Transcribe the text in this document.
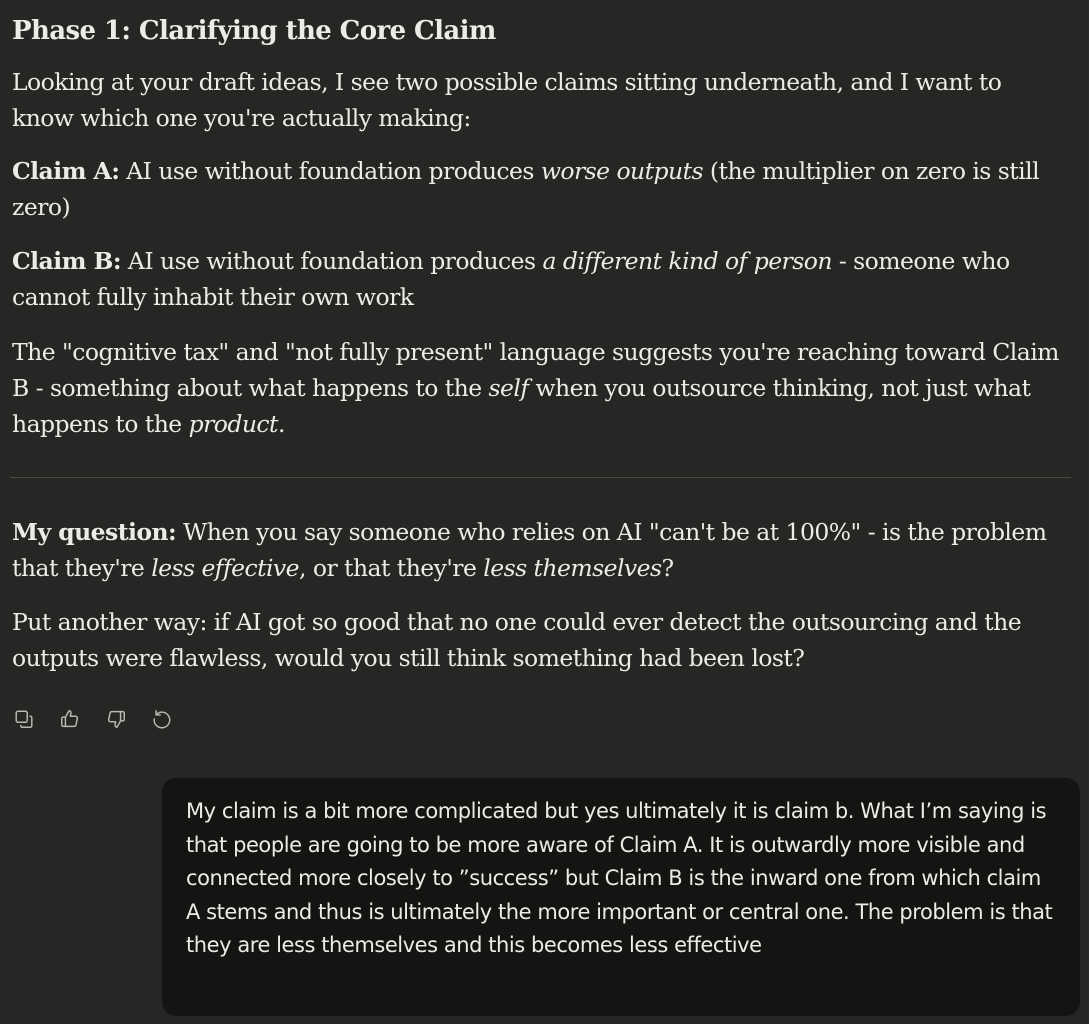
Phase 1: Clarifying the Core Claim

Looking at your draft ideas, I see two possible claims sitting underneath, and I want to know which one you're actually making:

Claim A: AI use without foundation produces worse outputs (the multiplier on zero is still zero)

Claim B: AI use without foundation produces a different kind of person - someone who cannot fully inhabit their own work

The "cognitive tax" and "not fully present" language suggests you're reaching toward Claim B - something about what happens to the self when you outsource thinking, not just what happens to the product.

My question: When you say someone who relies on AI "can't be at 100%" - is the problem that they're less effective, or that they're less themselves?

Put another way: if AI got so good that no one could ever detect the outsourcing and the outputs were flawless, would you still think something had been lost?

My claim is a bit more complicated but yes ultimately it is claim b. What I’m saying is that people are going to be more aware of Claim A. It is outwardly more visible and connected more closely to ”success” but Claim B is the inward one from which claim A stems and thus is ultimately the more important or central one. The problem is that they are less themselves and this becomes less effective
